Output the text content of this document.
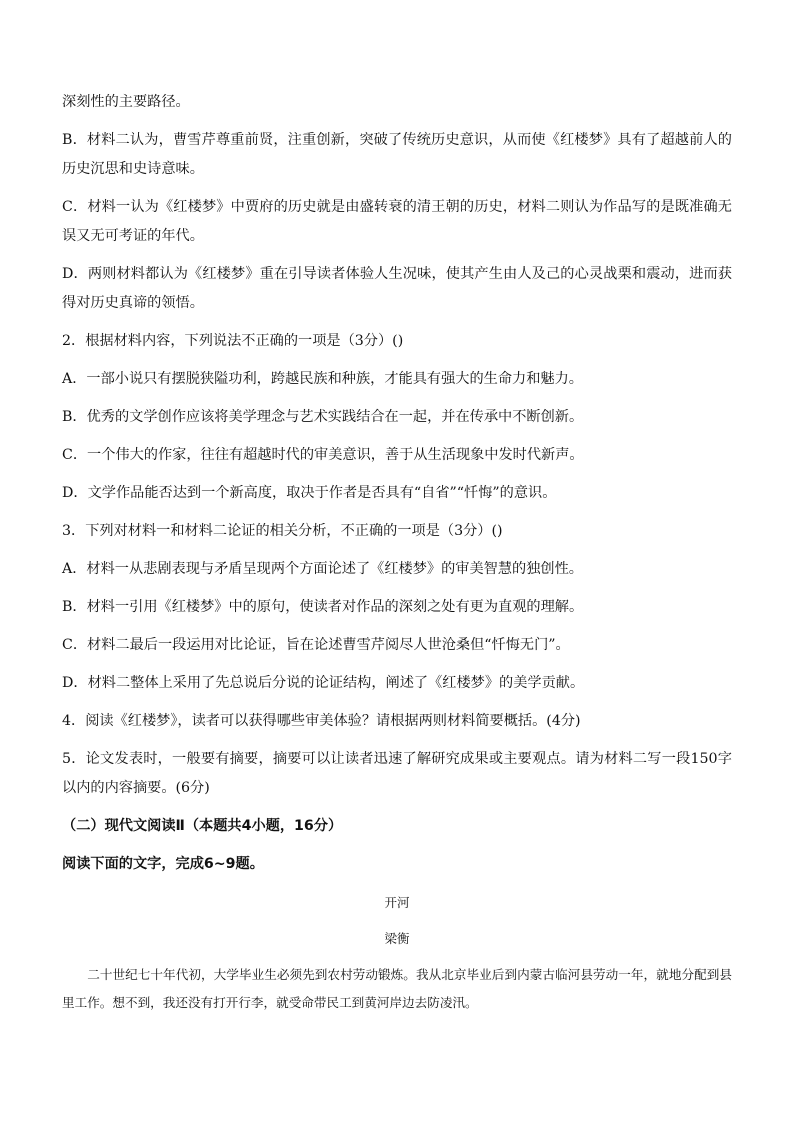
深刻性的主要路径。

B．材料二认为，曹雪芹尊重前贤，注重创新，突破了传统历史意识，从而使《红楼梦》具有了超越前人的历史沉思和史诗意味。

C．材料一认为《红楼梦》中贾府的历史就是由盛转衰的清王朝的历史，材料二则认为作品写的是既准确无误又无可考证的年代。

D．两则材料都认为《红楼梦》重在引导读者体验人生况味，使其产生由人及己的心灵战栗和震动，进而获得对历史真谛的领悟。

2．根据材料内容，下列说法不正确的一项是（3分）()

A．一部小说只有摆脱狭隘功利，跨越民族和种族，才能具有强大的生命力和魅力。

B．优秀的文学创作应该将美学理念与艺术实践结合在一起，并在传承中不断创新。

C．一个伟大的作家，往往有超越时代的审美意识，善于从生活现象中发时代新声。

D．文学作品能否达到一个新高度，取决于作者是否具有“自省”“忏悔”的意识。

3．下列对材料一和材料二论证的相关分析，不正确的一项是（3分）()

A．材料一从悲剧表现与矛盾呈现两个方面论述了《红楼梦》的审美智慧的独创性。

B．材料一引用《红楼梦》中的原句，使读者对作品的深刻之处有更为直观的理解。

C．材料二最后一段运用对比论证，旨在论述曹雪芹阅尽人世沧桑但“忏悔无门”。

D．材料二整体上采用了先总说后分说的论证结构，阐述了《红楼梦》的美学贡献。

4．阅读《红楼梦》，读者可以获得哪些审美体验？请根据两则材料简要概括。(4分)

5．论文发表时，一般要有摘要，摘要可以让读者迅速了解研究成果或主要观点。请为材料二写一段150字以内的内容摘要。(6分)

（二）现代文阅读Ⅱ（本题共4小题，16分）

阅读下面的文字，完成6~9题。

开河

梁衡

二十世纪七十年代初，大学毕业生必须先到农村劳动锻炼。我从北京毕业后到内蒙古临河县劳动一年，就地分配到县里工作。想不到，我还没有打开行李，就受命带民工到黄河岸边去防凌汛。
